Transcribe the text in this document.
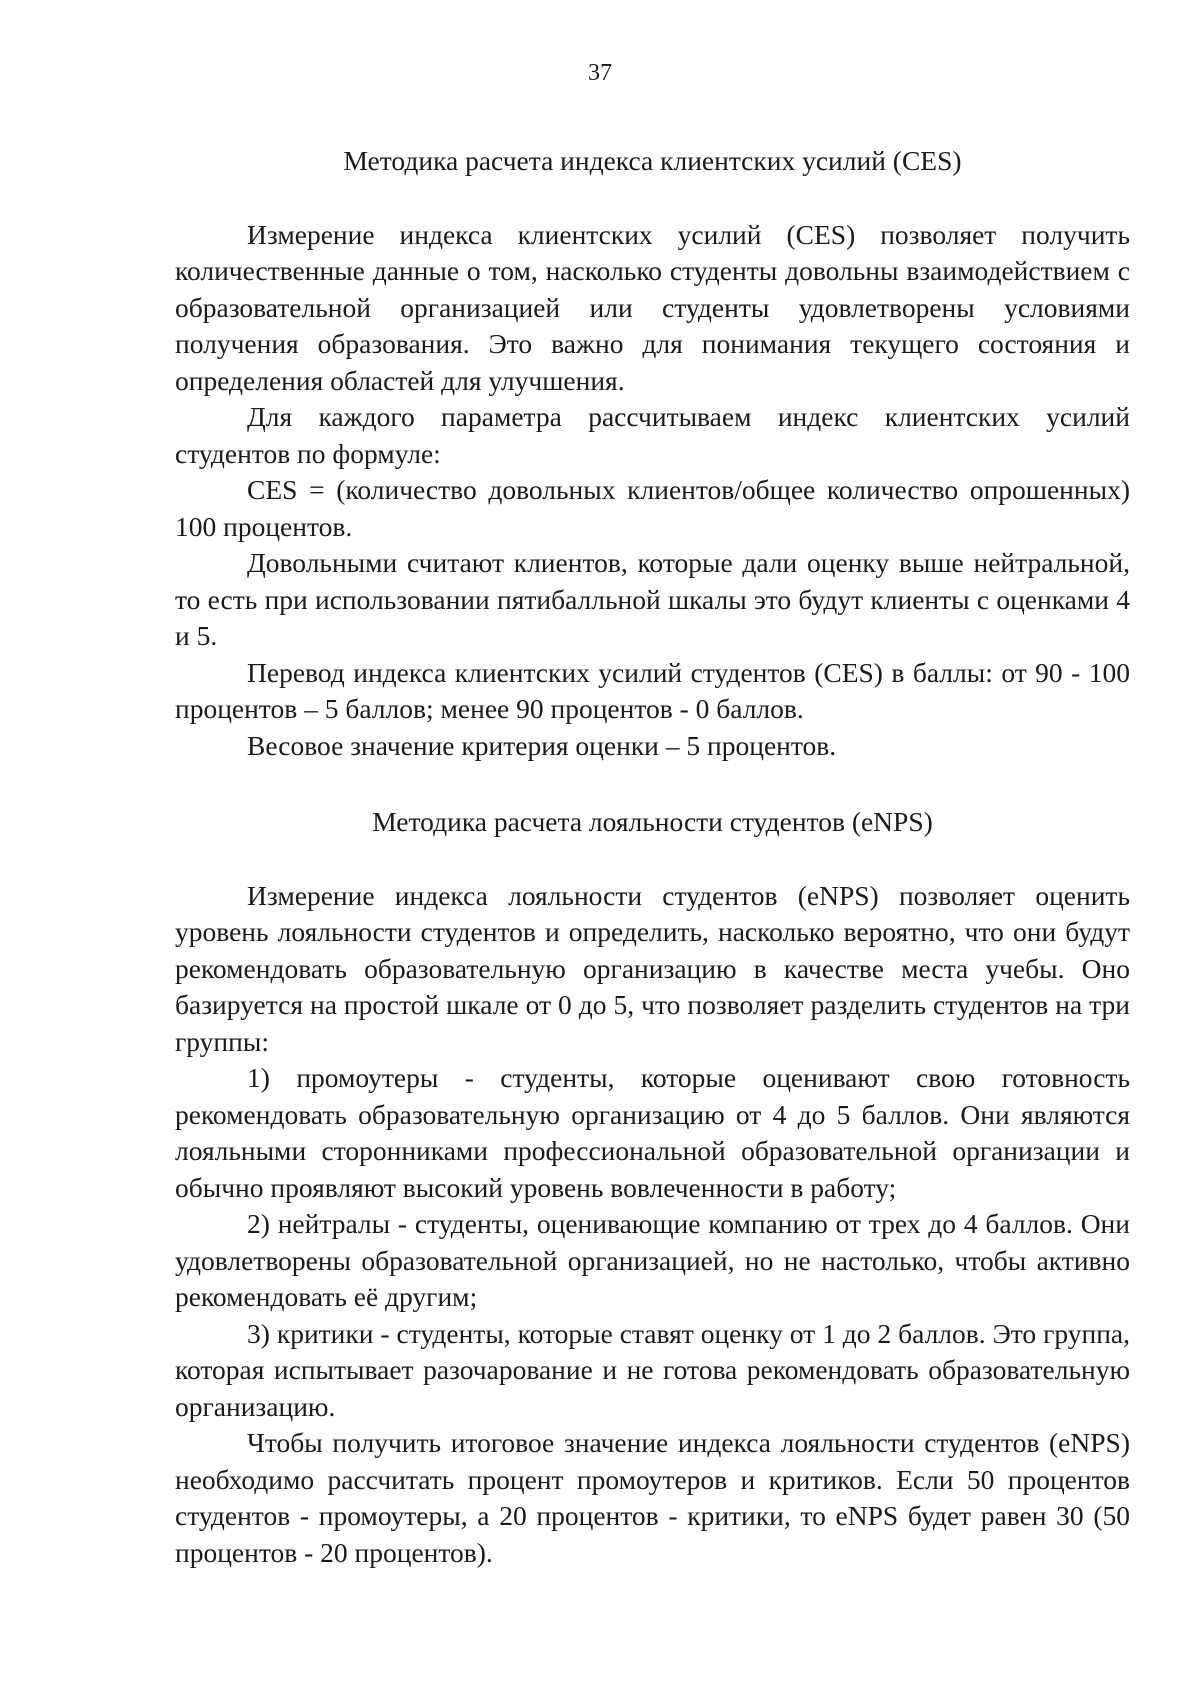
37
Методика расчета индекса клиентских усилий (CES)

Измерение индекса клиентских усилий (CES) позволяет получить количественные данные о том, насколько студенты довольны взаимодействием с образовательной организацией или студенты удовлетворены условиями получения образования. Это важно для понимания текущего состояния и определения областей для улучшения.

Для каждого параметра рассчитываем индекс клиентских усилий студентов по формуле:

CES = (количество довольных клиентов/общее количество опрошенных) 100 процентов.

Довольными считают клиентов, которые дали оценку выше нейтральной, то есть при использовании пятибалльной шкалы это будут клиенты с оценками 4 и 5.

Перевод индекса клиентских усилий студентов (CES) в баллы: от 90 - 100 процентов – 5 баллов; менее 90 процентов - 0 баллов.

Весовое значение критерия оценки – 5 процентов.

Методика расчета лояльности студентов (eNPS)

Измерение индекса лояльности студентов (eNPS) позволяет оценить уровень лояльности студентов и определить, насколько вероятно, что они будут рекомендовать образовательную организацию в качестве места учебы. Оно базируется на простой шкале от 0 до 5, что позволяет разделить студентов на три группы:

1) промоутеры - студенты, которые оценивают свою готовность рекомендовать образовательную организацию от 4 до 5 баллов. Они являются лояльными сторонниками профессиональной образовательной организации и обычно проявляют высокий уровень вовлеченности в работу;

2) нейтралы - студенты, оценивающие компанию от трех до 4 баллов. Они удовлетворены образовательной организацией, но не настолько, чтобы активно рекомендовать её другим;

3) критики - студенты, которые ставят оценку от 1 до 2 баллов. Это группа, которая испытывает разочарование и не готова рекомендовать образовательную организацию.

Чтобы получить итоговое значение индекса лояльности студентов (eNPS) необходимо рассчитать процент промоутеров и критиков. Если 50 процентов студентов - промоутеры, а 20 процентов - критики, то eNPS будет равен 30 (50 процентов - 20 процентов).
